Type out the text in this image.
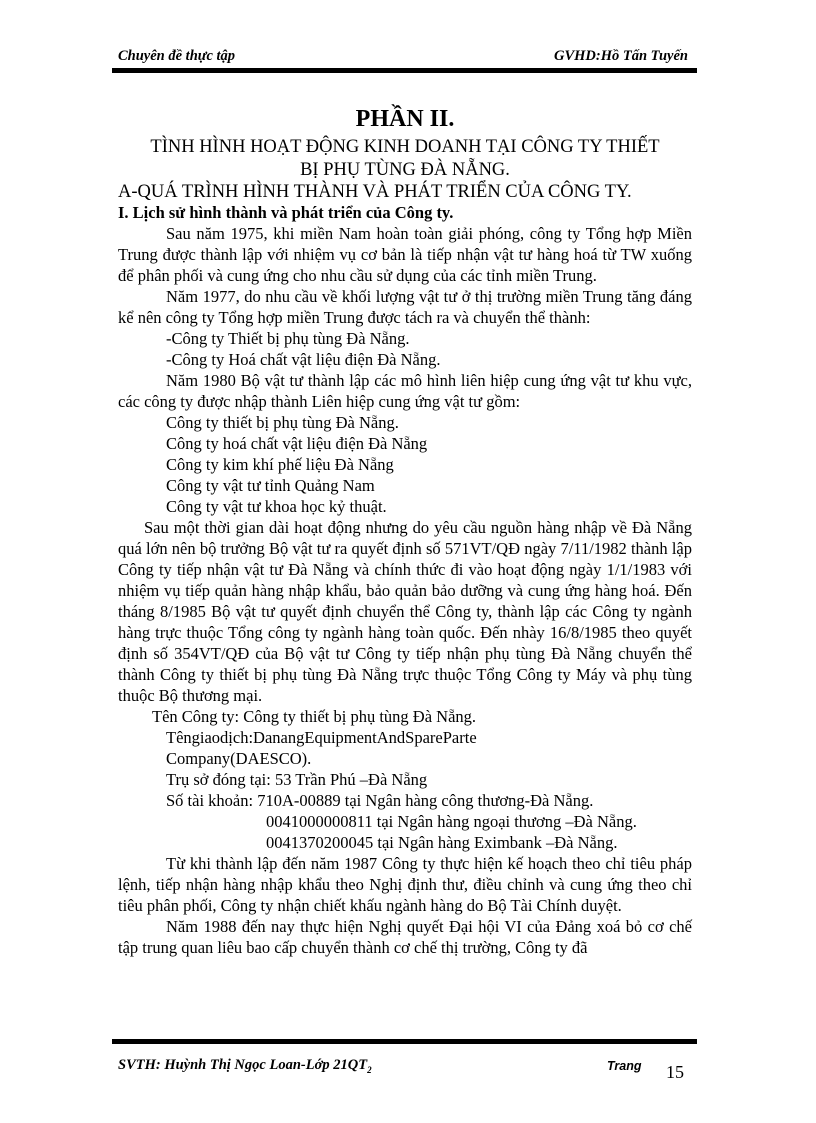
Chuyên đề thực tập	GVHD:Hồ Tấn Tuyến
PHẦN II.
TÌNH HÌNH HOẠT ĐỘNG KINH DOANH TẠI CÔNG TY THIẾT
BỊ PHỤ TÙNG ĐÀ NẴNG.
A-QUÁ TRÌNH HÌNH THÀNH VÀ PHÁT TRIỂN CỦA CÔNG TY.
I. Lịch sử hình thành và phát triển của Công ty.

Sau năm 1975, khi miền Nam hoàn toàn giải phóng, công ty Tổng hợp Miền Trung được thành lập với nhiệm vụ cơ bản là tiếp nhận vật tư hàng hoá từ TW xuống để phân phối và cung ứng cho nhu cầu sử dụng của các tỉnh miền Trung.

Năm 1977, do nhu cầu về khối lượng vật tư ở thị trường miền Trung tăng đáng kể nên công ty Tổng hợp miền Trung được tách ra và chuyển thể thành:

-Công ty Thiết bị phụ tùng Đà Nẵng.

-Công ty Hoá chất vật liệu điện Đà Nẵng.

Năm 1980 Bộ vật tư thành lập các mô hình liên hiệp cung ứng vật tư khu vực, các công ty được nhập thành Liên hiệp cung ứng vật tư gồm:

Công ty thiết bị phụ tùng Đà Nẵng.

Công ty hoá chất vật liệu điện Đà Nẵng

Công ty kim khí phế liệu Đà Nẵng

Công ty vật tư tỉnh Quảng Nam

Công ty vật tư khoa học kỷ thuật.

Sau một thời gian dài hoạt động nhưng do yêu cầu nguồn hàng nhập về Đà Nẵng quá lớn nên bộ trưởng Bộ vật tư ra quyết định số 571VT/QĐ ngày 7/11/1982 thành lập Công ty tiếp nhận vật tư Đà Nẵng và chính thức đi vào hoạt động ngày 1/1/1983 với nhiệm vụ tiếp quản hàng nhập khẩu, bảo quản bảo dưỡng và cung ứng hàng hoá. Đến tháng 8/1985 Bộ vật tư quyết định chuyển thể Công ty, thành lập các Công ty ngành hàng trực thuộc Tổng công ty ngành hàng toàn quốc. Đến nhày 16/8/1985 theo quyết định số 354VT/QĐ của Bộ vật tư Công ty tiếp nhận phụ tùng Đà Nẵng chuyển thể thành Công ty thiết bị phụ tùng Đà Nẵng trực thuộc Tổng Công ty Máy và phụ tùng thuộc Bộ thương mại.

Tên Công ty: Công ty thiết bị phụ tùng Đà Nẵng.

Têngiaodịch:DanangEquipmentAndSpareParte

Company(DAESCO).

Trụ sở đóng tại: 53 Trần Phú –Đà Nẵng

Số tài khoản: 710A-00889 tại Ngân hàng công thương-Đà Nẵng.

0041000000811 tại Ngân hàng ngoại thương –Đà Nẵng.

0041370200045 tại Ngân hàng Eximbank –Đà Nẵng.

Từ khi thành lập đến năm 1987 Công ty thực hiện kế hoạch theo chỉ tiêu pháp lệnh, tiếp nhận hàng nhập khẩu theo Nghị định thư, điều chỉnh và cung ứng theo chỉ tiêu phân phối, Công ty nhận chiết khấu ngành hàng do Bộ Tài Chính duyệt.

Năm 1988 đến nay thực hiện Nghị quyết Đại hội VI của Đảng xoá bỏ cơ chế tập trung quan liêu bao cấp chuyển thành cơ chế thị trường, Công ty đã

SVTH: Huỳnh Thị Ngọc Loan-Lớp $21QT_2$	Trang 15
